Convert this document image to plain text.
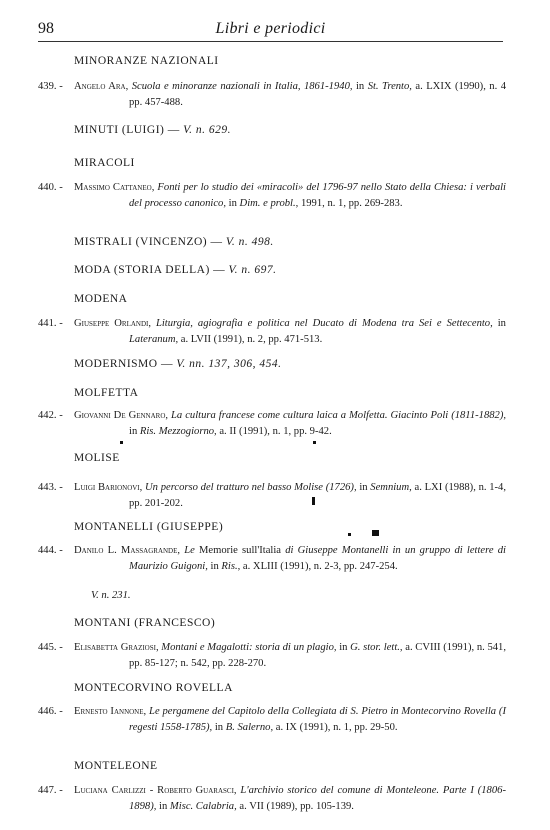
98	Libri e periodici
MINORANZE NAZIONALI
439. - Angelo Ara, Scuola e minoranze nazionali in Italia, 1861-1940, in St. Trento, a. LXIX (1990), n. 4 pp. 457-488.
MINUTI (LUIGI) — V. n. 629.
MIRACOLI
440. - Massimo Cattaneo, Fonti per lo studio dei «miracoli» del 1796-97 nello Stato della Chiesa: i verbali del processo canonico, in Dim. e probl., 1991, n. 1, pp. 269-283.
MISTRALI (VINCENZO) — V. n. 498.
MODA (STORIA DELLA) — V. n. 697.
MODENA
441. - Giuseppe Orlandi, Liturgia, agiografia e politica nel Ducato di Modena tra Sei e Settecento, in Lateranum, a. LVII (1991), n. 2, pp. 471-513.
MODERNISMO — V. nn. 137, 306, 454.
MOLFETTA
442. - Giovanni De Gennaro, La cultura francese come cultura laica a Molfetta. Giacinto Poli (1811-1882), in Ris. Mezzogiorno, a. II (1991), n. 1, pp. 9-42.
MOLISE
443. - Luigi Barionovi, Un percorso del tratturo nel basso Molise (1726), in Semnium, a. LXI (1988), n. 1-4, pp. 201-202.
MONTANELLI (GIUSEPPE)
444. - Danilo L. Massagrande, Le Memorie sull'Italia di Giuseppe Montanelli in un gruppo di lettere di Maurizio Guigoni, in Ris., a. XLIII (1991), n. 2-3, pp. 247-254.
V. n. 231.
MONTANI (FRANCESCO)
445. - Elisabetta Graziosi, Montani e Magalotti: storia di un plagio, in G. stor. lett., a. CVIII (1991), n. 541, pp. 85-127; n. 542, pp. 228-270.
MONTECORVINO ROVELLA
446. - Ernesto Iannone, Le pergamene del Capitolo della Collegiata di S. Pietro in Montecorvino Rovella (I regesti 1558-1785), in B. Salerno, a. IX (1991), n. 1, pp. 29-50.
MONTELEONE
447. - Luciana Carlizzi - Roberto Guarasci, L'archivio storico del comune di Monteleone. Parte I (1806-1898), in Misc. Calabria, a. VII (1989), pp. 105-139.
